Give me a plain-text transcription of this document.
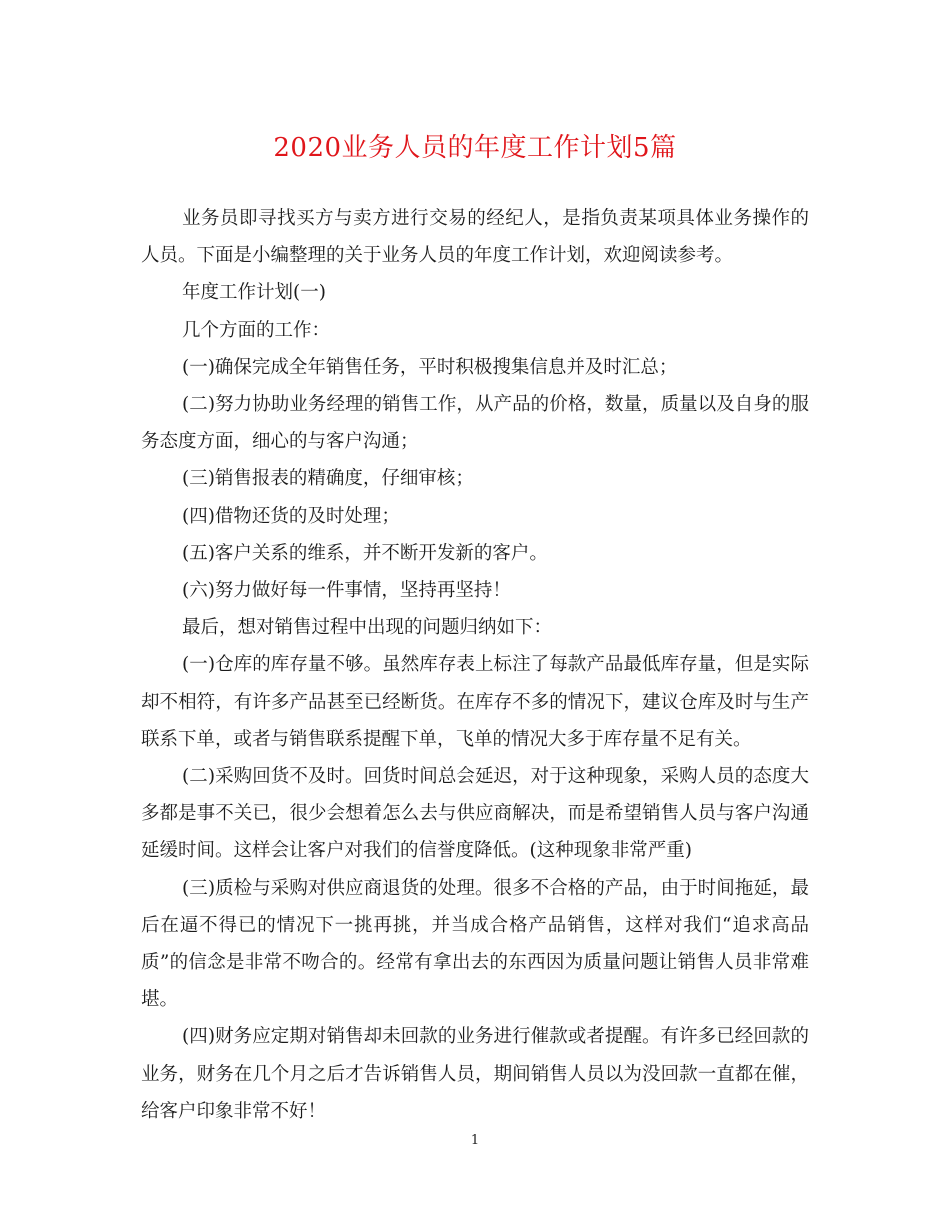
2020业务人员的年度工作计划5篇

业务员即寻找买方与卖方进行交易的经纪人，是指负责某项具体业务操作的人员。下面是小编整理的关于业务人员的年度工作计划，欢迎阅读参考。

年度工作计划(一)

几个方面的工作：

(一)确保完成全年销售任务，平时积极搜集信息并及时汇总；

(二)努力协助业务经理的销售工作，从产品的价格，数量，质量以及自身的服务态度方面，细心的与客户沟通；

(三)销售报表的精确度，仔细审核；

(四)借物还货的及时处理；

(五)客户关系的维系，并不断开发新的客户。

(六)努力做好每一件事情，坚持再坚持！

最后，想对销售过程中出现的问题归纳如下：

(一)仓库的库存量不够。虽然库存表上标注了每款产品最低库存量，但是实际却不相符，有许多产品甚至已经断货。在库存不多的情况下，建议仓库及时与生产联系下单，或者与销售联系提醒下单，飞单的情况大多于库存量不足有关。

(二)采购回货不及时。回货时间总会延迟，对于这种现象，采购人员的态度大多都是事不关已，很少会想着怎么去与供应商解决，而是希望销售人员与客户沟通延缓时间。这样会让客户对我们的信誉度降低。(这种现象非常严重)

(三)质检与采购对供应商退货的处理。很多不合格的产品，由于时间拖延，最后在逼不得已的情况下一挑再挑，并当成合格产品销售，这样对我们“追求高品质”的信念是非常不吻合的。经常有拿出去的东西因为质量问题让销售人员非常难堪。

(四)财务应定期对销售却未回款的业务进行催款或者提醒。有许多已经回款的业务，财务在几个月之后才告诉销售人员，期间销售人员以为没回款一直都在催，给客户印象非常不好！

1
